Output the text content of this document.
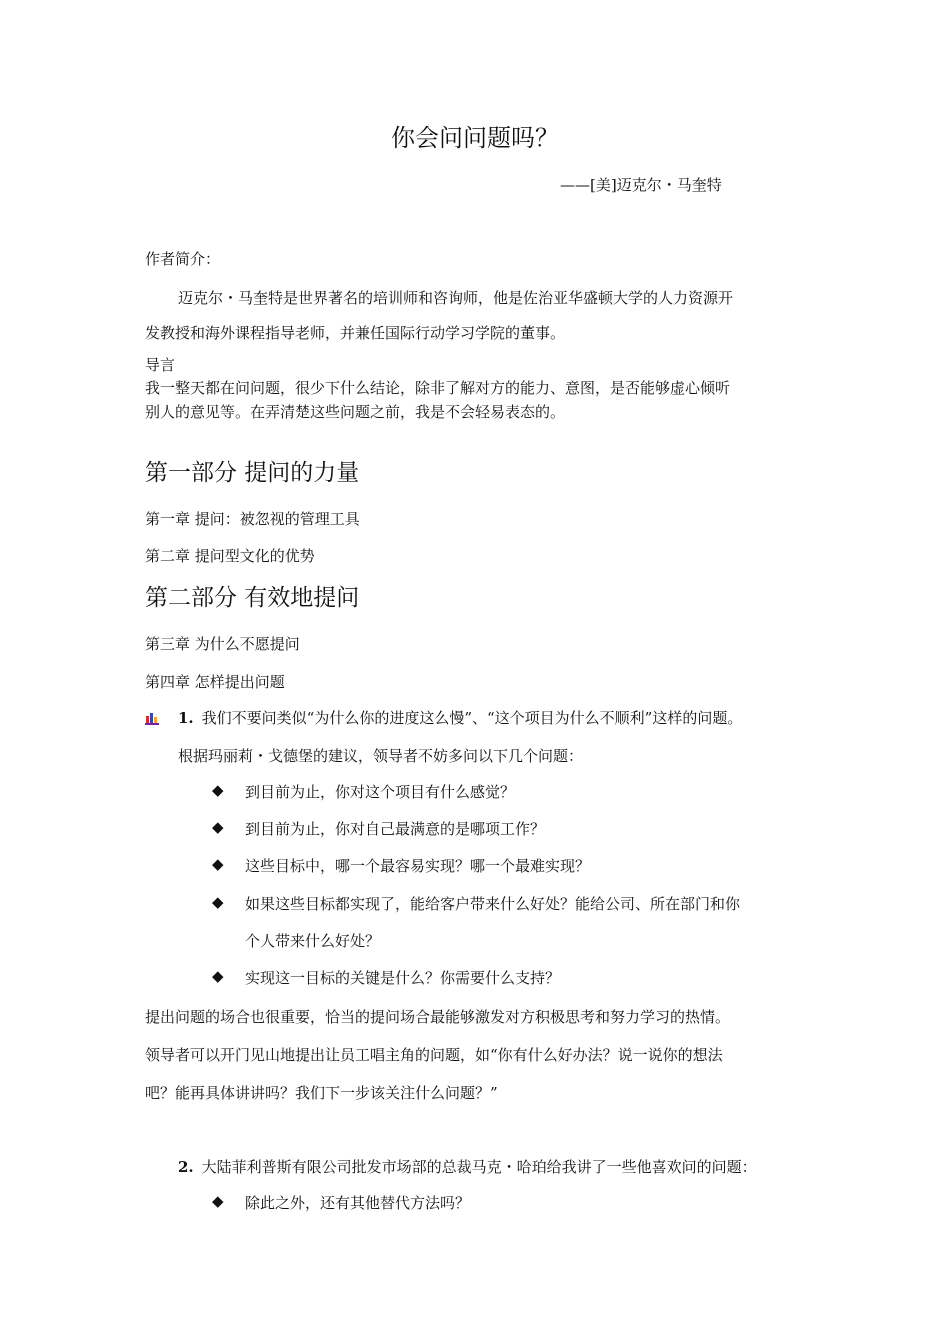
你会问问题吗？
——[美]迈克尔・马奎特
作者简介：
迈克尔・马奎特是世界著名的培训师和咨询师，他是佐治亚华盛顿大学的人力资源开
发教授和海外课程指导老师，并兼任国际行动学习学院的董事。
导言
我一整天都在问问题，很少下什么结论，除非了解对方的能力、意图，是否能够虚心倾听
别人的意见等。在弄清楚这些问题之前，我是不会轻易表态的。
第一部分 提问的力量
第一章 提问：被忽视的管理工具
第二章 提问型文化的优势
第二部分 有效地提问
第三章 为什么不愿提问
第四章 怎样提出问题
1. 我们不要问类似“为什么你的进度这么慢”、“这个项目为什么不顺利”这样的问题。
根据玛丽莉・戈德堡的建议，领导者不妨多问以下几个问题：
◆ 到目前为止，你对这个项目有什么感觉？
◆ 到目前为止，你对自己最满意的是哪项工作？
◆ 这些目标中，哪一个最容易实现？哪一个最难实现？
◆ 如果这些目标都实现了，能给客户带来什么好处？能给公司、所在部门和你
个人带来什么好处？
◆ 实现这一目标的关键是什么？你需要什么支持？
提出问题的场合也很重要，恰当的提问场合最能够激发对方积极思考和努力学习的热情。
领导者可以开门见山地提出让员工唱主角的问题，如“你有什么好办法？说一说你的想法
吧？能再具体讲讲吗？我们下一步该关注什么问题？”
2. 大陆菲利普斯有限公司批发市场部的总裁马克・哈珀给我讲了一些他喜欢问的问题：
◆ 除此之外，还有其他替代方法吗？
